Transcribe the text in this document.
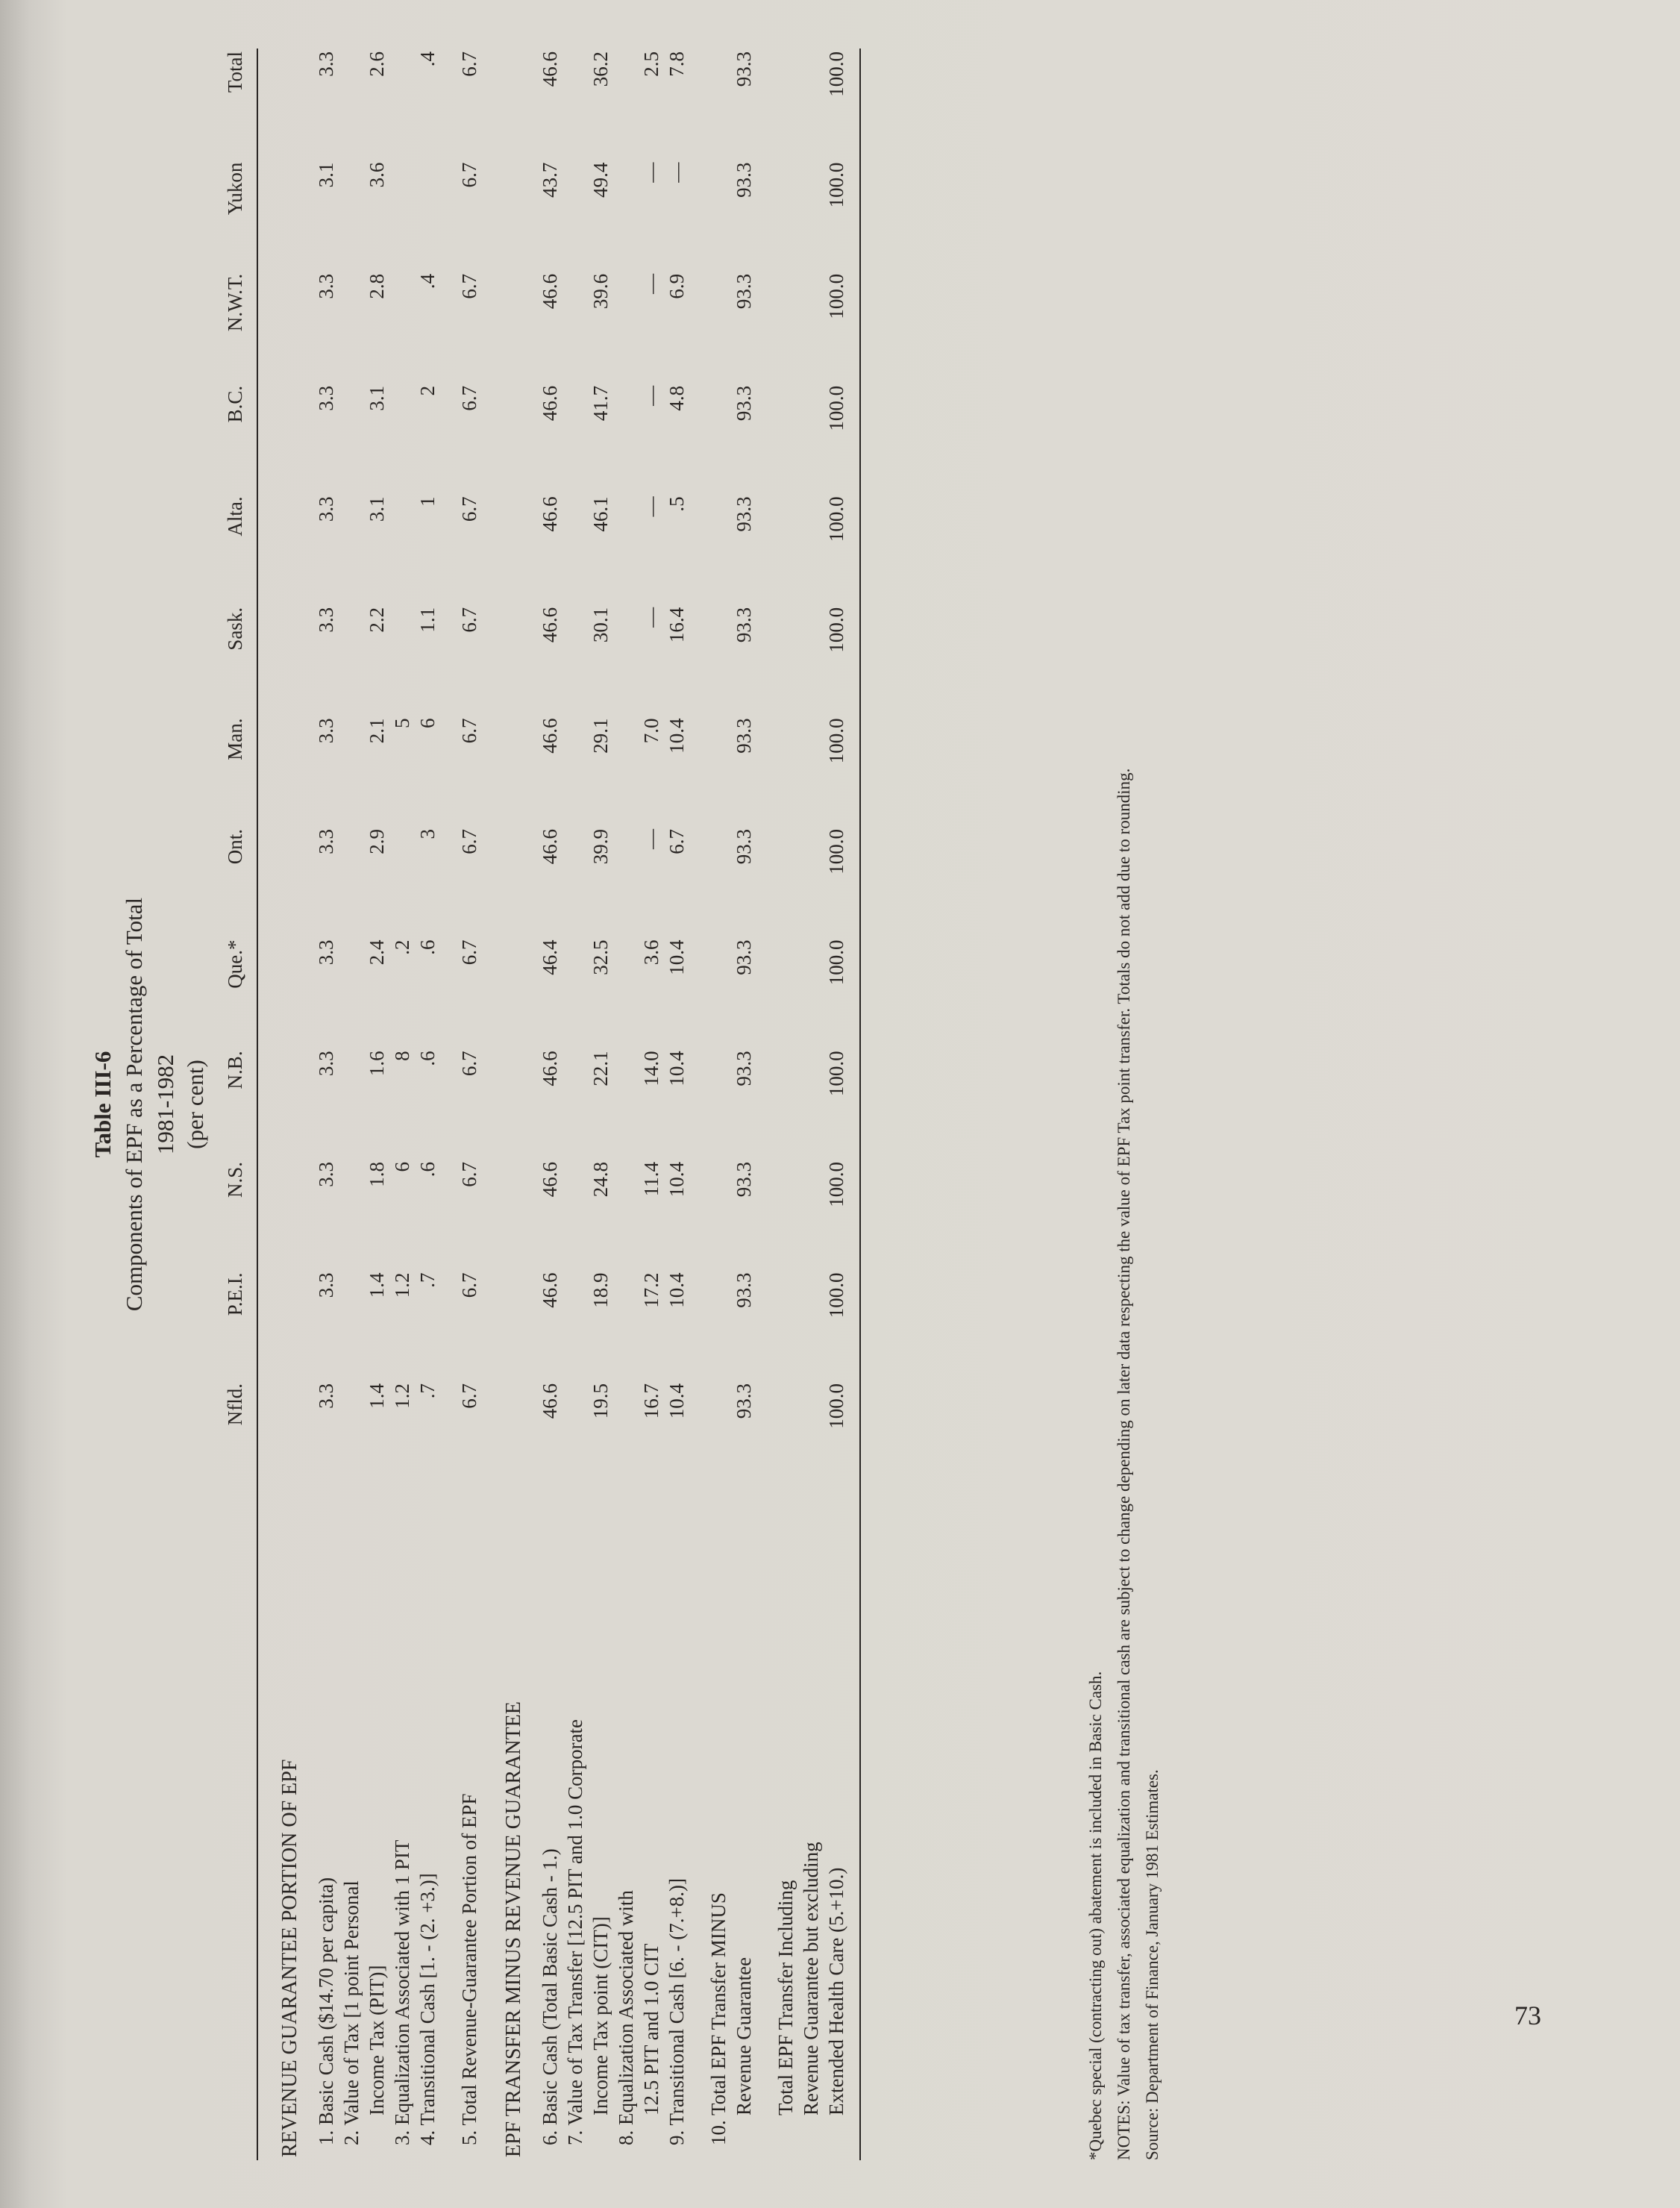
Table III-6 Components of EPF as a Percentage of Total 1981-1982 (per cent)
	Nfld.	P.E.I.	N.S.	N.B.	Que.*	Ont.	Man.	Sask.	Alta.	B.C.	N.W.T.	Yukon	Total
REVENUE GUARANTEE PORTION OF EPF													

1. Basic Cash ($14.70 per capita)	3.3	3.3	3.3	3.3	3.3	3.3	3.3	3.3	3.3	3.3	3.3	3.1	3.3

2. Value of Tax [1 point Personal Income Tax (PIT)]	1.4	1.4	1.8	1.6	2.4	2.9	2.1	2.2	3.1	3.1	2.8	3.6	2.6

3. Equalization Associated with 1 PIT	1.2	1.2	6	8	.2		5						

4. Transitional Cash [1. - (2. +3.)]	.7	.7	.6	.6	.6	3	6	1.1	1	2	.4		.4

5. Total Revenue-Guarantee Portion of EPF	6.7	6.7	6.7	6.7	6.7	6.7	6.7	6.7	6.7	6.7	6.7	6.7	6.7
EPF TRANSFER MINUS REVENUE GUARANTEE													

6. Basic Cash (Total Basic Cash - 1.)	46.6	46.6	46.6	46.6	46.4	46.6	46.6	46.6	46.6	46.6	46.6	43.7	46.6

7. Value of Tax Transfer [12.5 PIT and 1.0 Corporate Income Tax point (CIT)]	19.5	18.9	24.8	22.1	32.5	39.9	29.1	30.1	46.1	41.7	39.6	49.4	36.2

8. Equalization Associated with 12.5 PIT and 1.0 CIT	16.7	17.2	11.4	14.0	3.6	—	7.0	—	—	—	—	—	2.5

9. Transitional Cash [6. - (7.+8.)]	10.4	10.4	10.4	10.4	10.4	6.7	10.4	16.4	.5	4.8	6.9	—	7.8

10. Total EPF Transfer MINUS Revenue Guarantee	93.3	93.3	93.3	93.3	93.3	93.3	93.3	93.3	93.3	93.3	93.3	93.3	93.3

Total EPF Transfer Including Revenue Guarantee but excluding Extended Health Care (5.+10.)	100.0	100.0	100.0	100.0	100.0	100.0	100.0	100.0	100.0	100.0	100.0	100.0	100.0
*Quebec special (contracting out) abatement is included in Basic Cash. NOTES: Value of tax transfer, associated equalization and transitional cash are subject to change depending on later data respecting the value of EPF Tax point transfer. Totals do not add due to rounding. Source: Department of Finance, January 1981 Estimates.	73
